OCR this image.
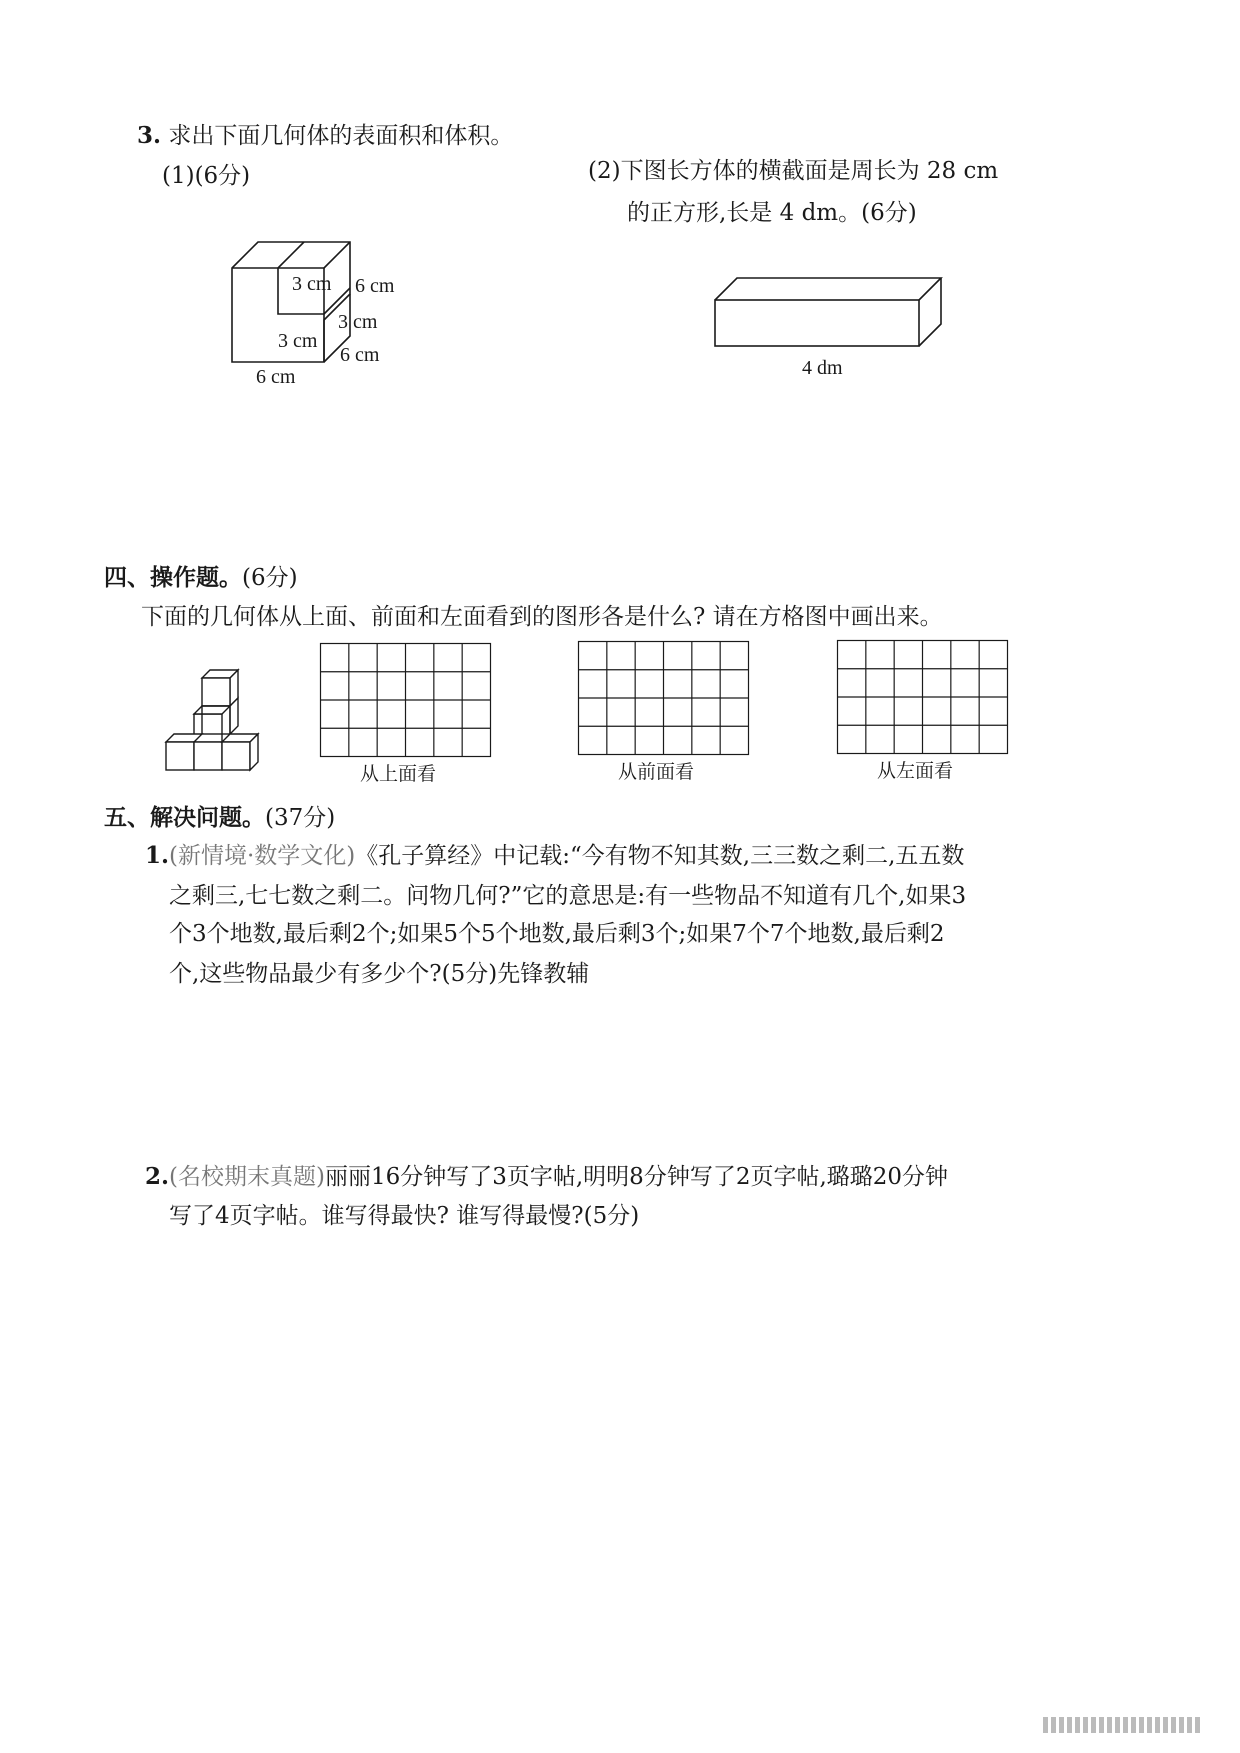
3. 求出下面几何体的表面积和体积。
(1)(6分)	(2)下图长方体的横截面是周长为 28 cm
的正方形,长是 4 dm。(6分)
3 cm 6 cm
3 cm
3 cm
6 cm
6 cm	4 dm
四、操作题。(6分)
下面的几何体从上面、前面和左面看到的图形各是什么? 请在方格图中画出来。
从上面看	从前面看	从左面看
五、解决问题。(37分)
1.(新情境·数学文化)《孔子算经》中记载:“今有物不知其数,三三数之剩二,五五数
之剩三,七七数之剩二。问物几何?”它的意思是:有一些物品不知道有几个,如果3
个3个地数,最后剩2个;如果5个5个地数,最后剩3个;如果7个7个地数,最后剩2
个,这些物品最少有多少个?(5分)先锋教辅
2.(名校期末真题)丽丽16分钟写了3页字帖,明明8分钟写了2页字帖,璐璐20分钟
写了4页字帖。谁写得最快? 谁写得最慢?(5分)
